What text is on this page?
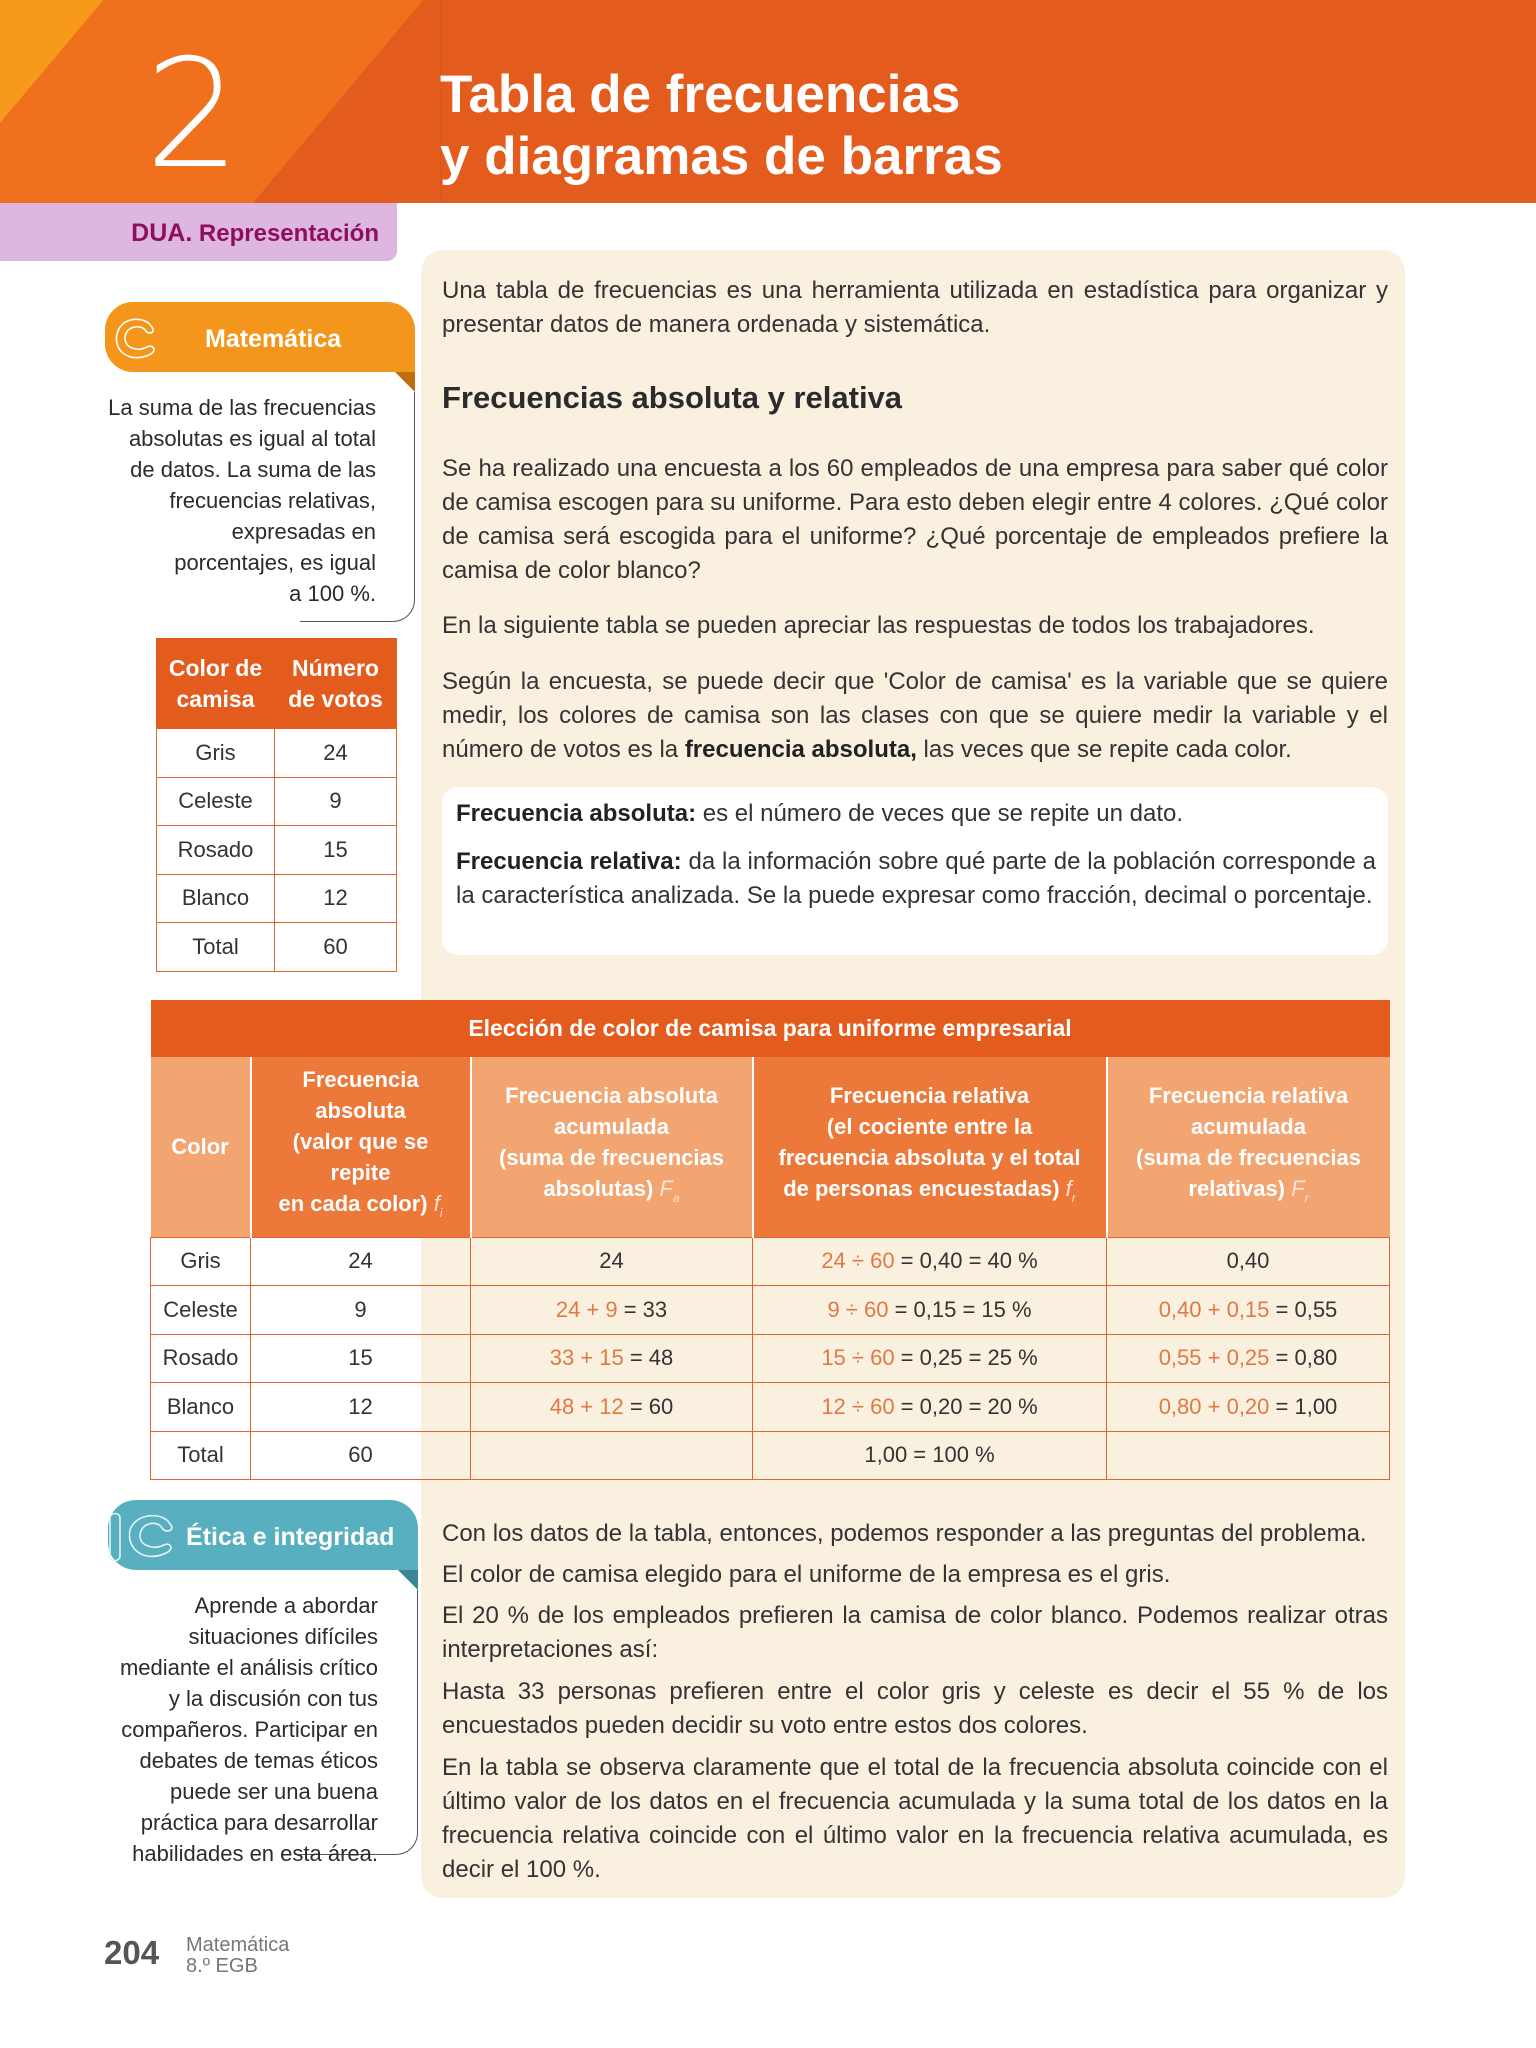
2	Tabla de frecuencias
y diagramas de barras
DUA. Representación
Matemática
La suma de las frecuencias
absolutas es igual al total
de datos. La suma de las
frecuencias relativas,
expresadas en
porcentajes, es igual
a 100 %.
Color de
camisa	Número
de votos
Gris	24
Celeste	9
Rosado	15
Blanco	12
Total	60
Una tabla de frecuencias es una herramienta utilizada en estadística para organizar y presentar datos de manera ordenada y sistemática.
Frecuencias absoluta y relativa
Se ha realizado una encuesta a los 60 empleados de una empresa para saber qué color de camisa escogen para su uniforme. Para esto deben elegir entre 4 colores. ¿Qué color de camisa será escogida para el uniforme? ¿Qué porcentaje de empleados prefiere la camisa de color blanco?
En la siguiente tabla se pueden apreciar las respuestas de todos los trabajadores.
Según la encuesta, se puede decir que 'Color de camisa' es la variable que se quiere medir, los colores de camisa son las clases con que se quiere medir la variable y el número de votos es la frecuencia absoluta, las veces que se repite cada color.
Frecuencia absoluta: es el número de veces que se repite un dato.
Frecuencia relativa: da la información sobre qué parte de la población corresponde a la característica analizada. Se la puede expresar como fracción, decimal o porcentaje.
Elección de color de camisa para uniforme empresarial				
Color	Frecuencia
absoluta
(valor que se
repite
en cada color) $f_i$	Frecuencia absoluta
acumulada
(suma de frecuencias
absolutas) $F_a$	Frecuencia relativa
(el cociente entre la
frecuencia absoluta y el total
de personas encuestadas) $f_r$	Frecuencia relativa
acumulada
(suma de frecuencias
relativas) $F_r$
Gris	24	24	24 ÷ 60 = 0,40 = 40 %	0,40
Celeste	9	24 + 9 = 33	9 ÷ 60 = 0,15 = 15 %	0,40 + 0,15 = 0,55
Rosado	15	33 + 15 = 48	15 ÷ 60 = 0,25 = 25 %	0,55 + 0,25 = 0,80
Blanco	12	48 + 12 = 60	12 ÷ 60 = 0,20 = 20 %	0,80 + 0,20 = 1,00
Total	60		1,00 = 100 %	
Ética e integridad
Aprende a abordar
situaciones difíciles
mediante el análisis crítico
y la discusión con tus
compañeros. Participar en
debates de temas éticos
puede ser una buena
práctica para desarrollar
habilidades en esta área.
Con los datos de la tabla, entonces, podemos responder a las preguntas del problema.
El color de camisa elegido para el uniforme de la empresa es el gris.
El 20 % de los empleados prefieren la camisa de color blanco. Podemos realizar otras interpretaciones así:
Hasta 33 personas prefieren entre el color gris y celeste es decir el 55 % de los encuestados pueden decidir su voto entre estos dos colores.
En la tabla se observa claramente que el total de la frecuencia absoluta coincide con el último valor de los datos en el frecuencia acumulada y la suma total de los datos en la frecuencia relativa coincide con el último valor en la frecuencia relativa acumulada, es decir el 100 %.
204 Matemática
8.º EGB
